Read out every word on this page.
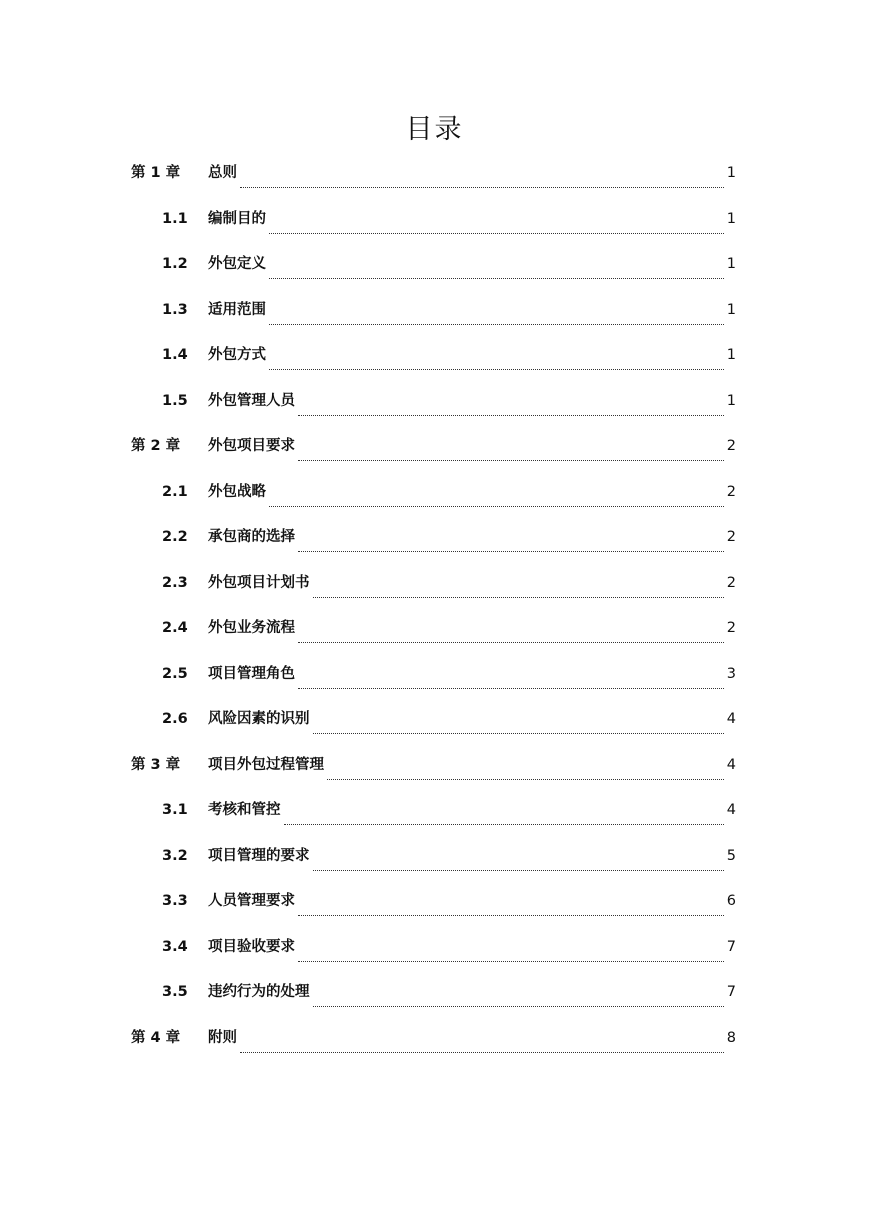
目录
第 1 章	总则	1
1.1	编制目的	1
1.2	外包定义	1
1.3	适用范围	1
1.4	外包方式	1
1.5	外包管理人员	1
第 2 章	外包项目要求	2
2.1	外包战略	2
2.2	承包商的选择	2
2.3	外包项目计划书	2
2.4	外包业务流程	2
2.5	项目管理角色	3
2.6	风险因素的识别	4
第 3 章	项目外包过程管理	4
3.1	考核和管控	4
3.2	项目管理的要求	5
3.3	人员管理要求	6
3.4	项目验收要求	7
3.5	违约行为的处理	7
第 4 章	附则	8
